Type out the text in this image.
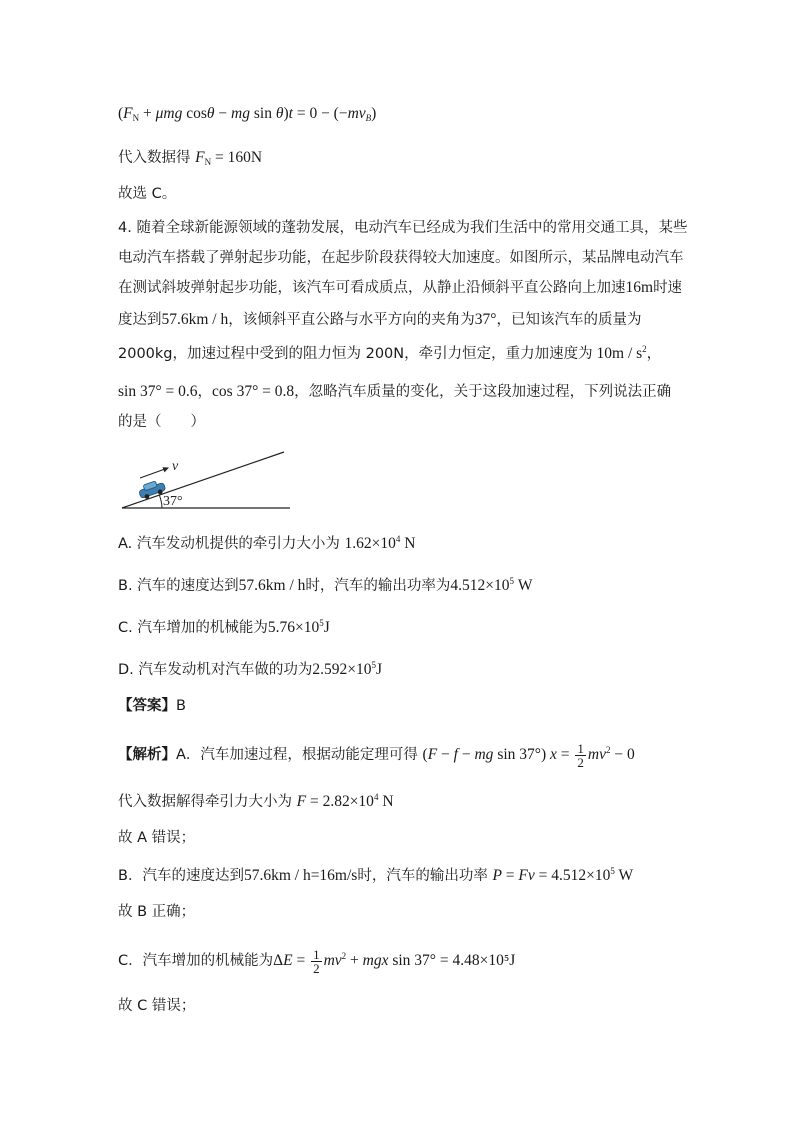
($F_N + \mu mg$ cosθ − mg $\sin \theta)t = 0 - (-mv_B)$
代入数据得 $F_N = 160N$
故选 C。
4. 随着全球新能源领域的蓬勃发展，电动汽车已经成为我们生活中的常用交通工具，某些
电动汽车搭载了弹射起步功能，在起步阶段获得较大加速度。如图所示，某品牌电动汽车
在测试斜坡弹射起步功能，该汽车可看成质点，从静止沿倾斜平直公路向上加速16m时速
度达到57.6km / h，该倾斜平直公路与水平方向的夹角为37°，已知该汽车的质量为
2000kg，加速过程中受到的阻力恒为 200N，牵引力恒定，重力加速度为 $10m / s^2$，
sin 37° = 0.6，cos 37° = 0.8，忽略汽车质量的变化，关于这段加速过程，下列说法正确
的是（　　）
v
37°
A. 汽车发动机提供的牵引力大小为 $1.62\times 10^4$ N
B. 汽车的速度达到57.6km / h时，汽车的输出功率为$4.512\times 10^5$ W
C. 汽车增加的机械能为$5.76\times 10^5J$
D. 汽车发动机对汽车做的功为$2.592\times 10^5J$
【答案】B
【解析】A．汽车加速过程，根据动能定理可得 (F − f − mg sin 37°) $x = \frac{1}{2} mv^2 - 0$
代入数据解得牵引力大小为 $F = 2.82\times 10^4$ N
故 A 错误；
B．汽车的速度达到57.6km / h=16m/s时，汽车的输出功率 $P = Fv = 4.512\times 10^5$ W
故 B 正确；
C．汽车增加的机械能为$\Delta E = \frac{1}{2} mv^2$ + mgx sin 37° = 4.48×10⁵J
故 C 错误；
